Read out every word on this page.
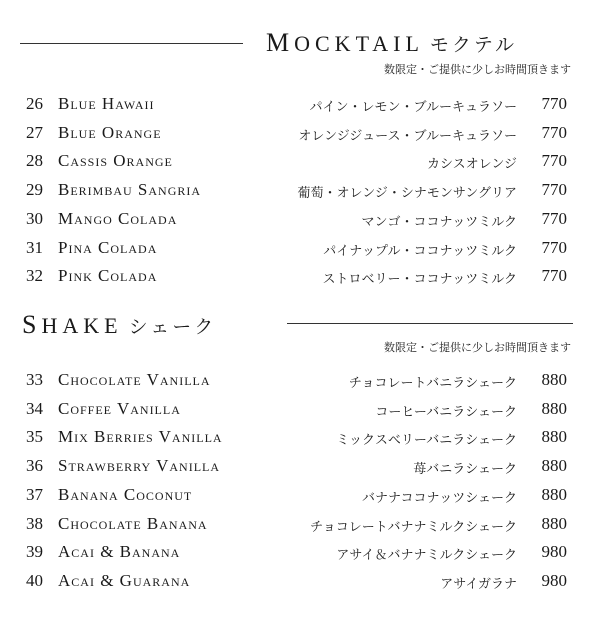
MOCKTAIL モクテル
数限定・ご提供に少しお時間頂きます
26 Blue Hawaii	パイン・レモン・ブルーキュラソー 770
27 Blue Orange	オレンジジュース・ブルーキュラソー 770
28 Cassis Orange	カシスオレンジ 770
29 Berimbau Sangria	葡萄・オレンジ・シナモンサングリア 770
30 Mango Colada	マンゴ・ココナッツミルク 770
31 Pina Colada	パイナップル・ココナッツミルク 770
32 Pink Colada	ストロベリー・ココナッツミルク 770
SHAKE シェーク
数限定・ご提供に少しお時間頂きます
33 Chocolate Vanilla	チョコレートバニラシェーク 880
34 Coffee Vanilla	コーヒーバニラシェーク 880
35 Mix Berries Vanilla	ミックスベリーバニラシェーク 880
36 Strawberry Vanilla	苺バニラシェーク 880
37 Banana Coconut	バナナココナッツシェーク 880
38 Chocolate Banana	チョコレートバナナミルクシェーク 880
39 Acai & Banana	アサイ＆バナナミルクシェーク 980
40 Acai & Guarana	アサイガラナ 980
